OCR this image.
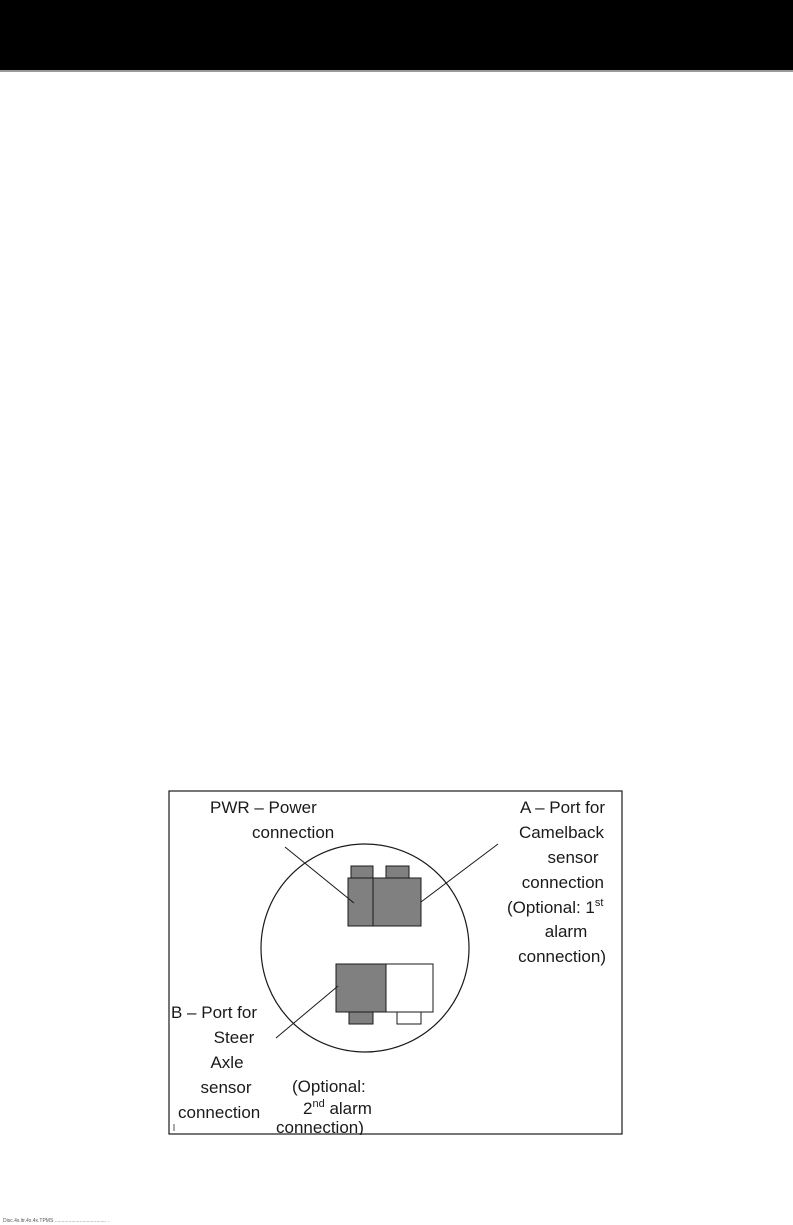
PWR – Power
connection
A – Port for
Camelback
sensor
connection
(Optional: 1st
alarm
connection)
B – Port for
Steer
Axle
sensor
connection
(Optional:
2nd alarm
connection)
Disc.4x.itr.4x.4x.TPMS ..................................... .
